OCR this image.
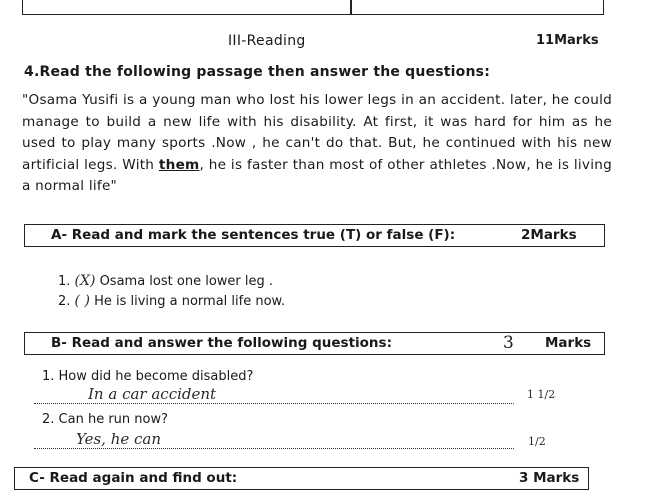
III-Reading	11Marks
4.Read the following passage then answer the questions:
"Osama Yusifi is a young man who lost his lower legs in an accident. later, he could manage to build a new life with his disability. At first, it was hard for him as he used to play many sports .Now , he can't do that. But, he continued with his new artificial legs. With them, he is faster than most of other athletes .Now, he is living a normal life"
A- Read and mark the sentences true (T) or false (F):	2Marks
1. (X) Osama lost one lower leg .
2. ( ) He is living a normal life now.
B- Read and answer the following questions:	3 Marks
1. How did he become disabled?
In a car accident	1 1/2
2. Can he run now?
Yes, he can	1/2
C- Read again and find out:	3 Marks
